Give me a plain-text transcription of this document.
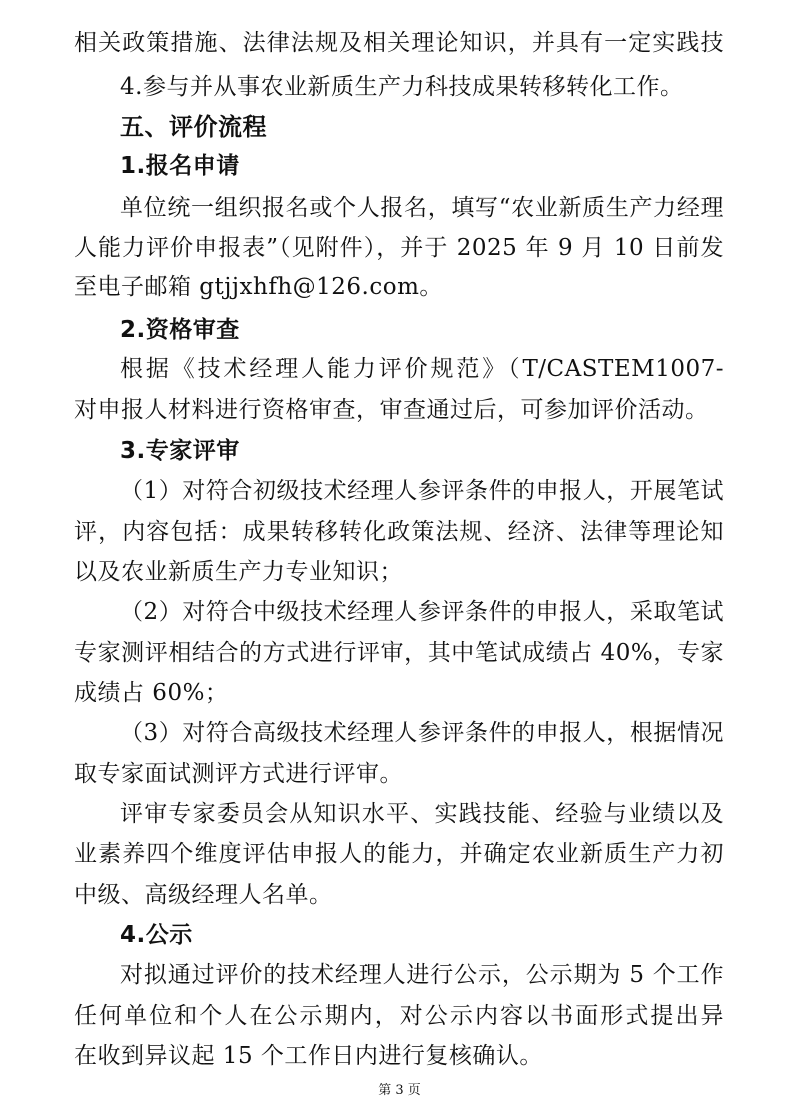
相关政策措施、法律法规及相关理论知识，并具有一定实践技
4.参与并从事农业新质生产力科技成果转移转化工作。
五、评价流程
1.报名申请
单位统一组织报名或个人报名，填写“农业新质生产力经理
人能力评价申报表”（见附件），并于 2025 年 9 月 10 日前发
至电子邮箱 gtjjxhfh@126.com。
2.资格审查
根据《技术经理人能力评价规范》（T/CASTEM1007-
对申报人材料进行资格审查，审查通过后，可参加评价活动。
3.专家评审
（1）对符合初级技术经理人参评条件的申报人，开展笔试
评，内容包括：成果转移转化政策法规、经济、法律等理论知
以及农业新质生产力专业知识；
（2）对符合中级技术经理人参评条件的申报人，采取笔试
专家测评相结合的方式进行评审，其中笔试成绩占 40%，专家
成绩占 60%；
（3）对符合高级技术经理人参评条件的申报人，根据情况
取专家面试测评方式进行评审。
评审专家委员会从知识水平、实践技能、经验与业绩以及
业素养四个维度评估申报人的能力，并确定农业新质生产力初
中级、高级经理人名单。
4.公示
对拟通过评价的技术经理人进行公示，公示期为 5 个工作
任何单位和个人在公示期内，对公示内容以书面形式提出异
在收到异议起 15 个工作日内进行复核确认。
第 3 页
